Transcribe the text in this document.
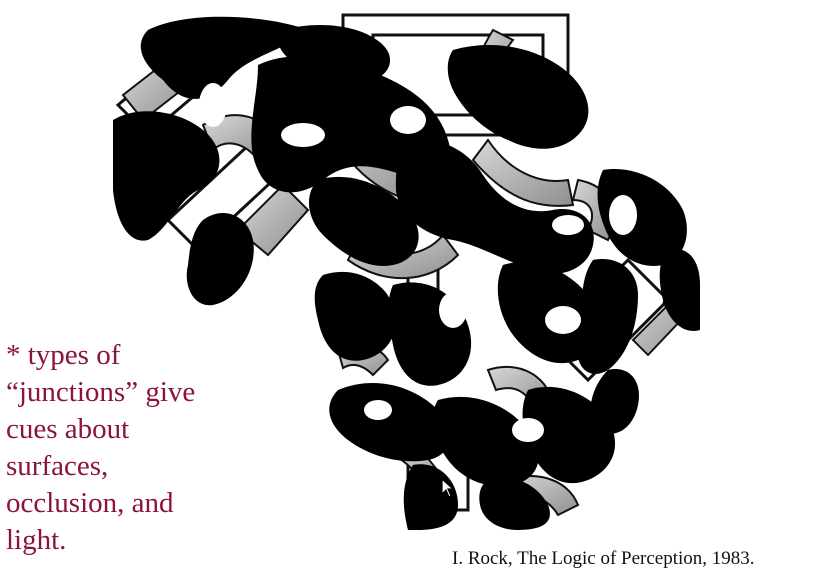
* types of
“junctions” give
cues about
surfaces,
occlusion, and
light.
I. Rock, The Logic of Perception, 1983.
